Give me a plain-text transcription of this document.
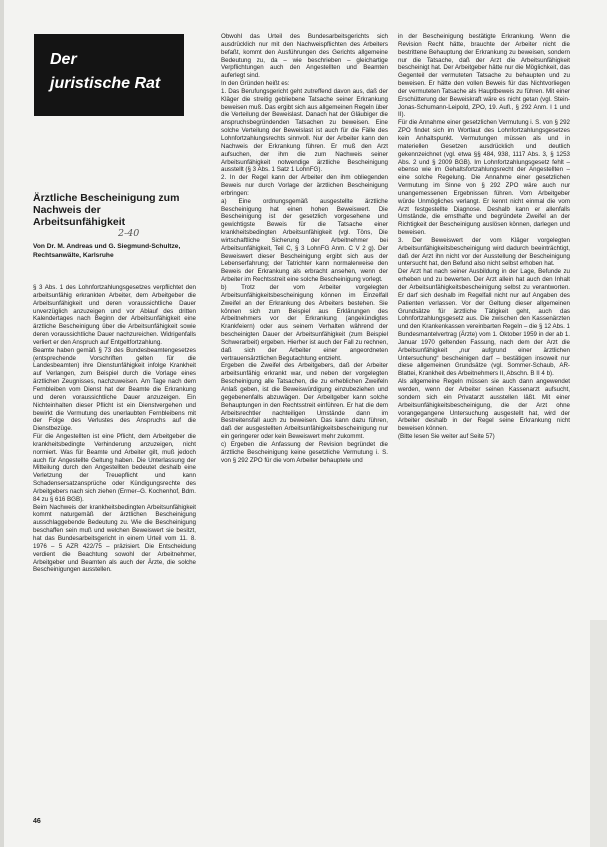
Der
juristische Rat
Ärztliche Bescheinigung zum Nachweis der Arbeitsunfähigkeit
2-40
Von Dr. M. Andreas und G. Siegmund-Schultze, Rechtsanwälte, Karlsruhe

§ 3 Abs. 1 des Lohnfortzahlungsgesetzes verpflichtet den arbeitsunfähig erkrankten Arbeiter, dem Arbeitgeber die Arbeitsunfähigkeit und deren voraussichtliche Dauer unverzüglich anzuzeigen und vor Ablauf des dritten Kalendertages nach Beginn der Arbeitsunfähigkeit eine ärztliche Bescheinigung über die Arbeitsunfähigkeit sowie deren voraussichtliche Dauer nachzureichen. Widrigenfalls verliert er den Anspruch auf Entgeltfortzahlung.

Beamte haben gemäß § 73 des Bundesbeamtengesetzes (entsprechende Vorschriften gelten für die Landesbeamten) ihre Dienstunfähigkeit infolge Krankheit auf Verlangen, zum Beispiel durch die Vorlage eines ärztlichen Zeugnisses, nachzuweisen. Am Tage nach dem Fernbleiben vom Dienst hat der Beamte die Erkrankung und deren voraussichtliche Dauer anzuzeigen. Ein Nichteinhalten dieser Pflicht ist ein Dienstvergehen und bewirkt die Vermutung des unerlaubten Fernbleibens mit der Folge des Verlustes des Anspruchs auf die Dienstbezüge.

Für die Angestellten ist eine Pflicht, dem Arbeitgeber die krankheitsbedingte Verhinderung anzuzeigen, nicht normiert. Was für Beamte und Arbeiter gilt, muß jedoch auch für Angestellte Geltung haben. Die Unterlassung der Mitteilung durch den Angestellten bedeutet deshalb eine Verletzung der Treuepflicht und kann Schadensersatzansprüche oder Kündigungsrechte des Arbeitgebers nach sich ziehen (Ermer–G. Kochenhof, Bdm. 84 zu § 616 BGB).

Beim Nachweis der krankheitsbedingten Arbeitsunfähigkeit kommt naturgemäß der ärztlichen Bescheinigung ausschlaggebende Bedeutung zu. Wie die Bescheinigung beschaffen sein muß und welchen Beweiswert sie besitzt, hat das Bundesarbeitsgericht in einem Urteil vom 11. 8. 1976 – 5 AZR 422/75 – präzisiert. Die Entscheidung verdient die Beachtung sowohl der Arbeitnehmer, Arbeitgeber und Beamten als auch der Ärzte, die solche Bescheinigungen ausstellen.

Obwohl das Urteil des Bundesarbeitsgerichts sich ausdrücklich nur mit den Nachweispflichten des Arbeiters befaßt, kommt den Ausführungen des Gerichts allgemeine Bedeutung zu, da – wie beschrieben – gleichartige Verpflichtungen auch den Angestellten und Beamten auferlegt sind.

In den Gründen heißt es:

1. Das Berufungsgericht geht zutreffend davon aus, daß der Kläger die streitig gebliebene Tatsache seiner Erkrankung beweisen muß. Das ergibt sich aus allgemeinen Regeln über die Verteilung der Beweislast. Danach hat der Gläubiger die anspruchsbegründenden Tatsachen zu beweisen. Eine solche Verteilung der Beweislast ist auch für die Fälle des Lohnfortzahlungsrechts sinnvoll. Nur der Arbeiter kann den Nachweis der Erkrankung führen. Er muß den Arzt aufsuchen, der ihm die zum Nachweis seiner Arbeitsunfähigkeit notwendige ärztliche Bescheinigung ausstellt (§ 3 Abs. 1 Satz 1 LohnFG).

2. In der Regel kann der Arbeiter den ihm obliegenden Beweis nur durch Vorlage der ärztlichen Bescheinigung erbringen:

a) Eine ordnungsgemäß ausgestellte ärztliche Bescheinigung hat einen hohen Beweiswert. Die Bescheinigung ist der gesetzlich vorgesehene und gewichtigste Beweis für die Tatsache einer krankheitsbedingten Arbeitsunfähigkeit (vgl. Töns, Die wirtschaftliche Sicherung der Arbeitnehmer bei Arbeitsunfähigkeit, Teil C, § 3 LohnFG Anm. C V 2 g). Der Beweiswert dieser Bescheinigung ergibt sich aus der Lebenserfahrung; der Tatrichter kann normalerweise den Beweis der Erkrankung als erbracht ansehen, wenn der Arbeiter im Rechtsstreit eine solche Bescheinigung vorlegt.

b) Trotz der vom Arbeiter vorgelegten Arbeitsunfähigkeitsbescheinigung können im Einzelfall Zweifel an der Erkrankung des Arbeiters bestehen. Sie können sich zum Beispiel aus Erklärungen des Arbeitnehmers vor der Erkrankung (angekündigtes Krankfeiern) oder aus seinem Verhalten während der bescheinigten Dauer der Arbeitsunfähigkeit (zum Beispiel Schwerarbeit) ergeben. Hierher ist auch der Fall zu rechnen, daß sich der Arbeiter einer angeordneten vertrauensärztlichen Begutachtung entzieht.

Ergeben die Zweifel des Arbeitgebers, daß der Arbeiter arbeitsunfähig erkrankt war, und neben der vorgelegten Bescheinigung alle Tatsachen, die zu erheblichen Zweifeln Anlaß geben, ist die Beweiswürdigung einzubeziehen und gegebenenfalls abzuwägen. Der Arbeitgeber kann solche Behauptungen in den Rechtsstreit einführen. Er hat die dem Arbeitsrechtler nachteiligen Umstände dann im Bestreitensfall auch zu beweisen. Das kann dazu führen, daß der ausgestellten Arbeitsunfähigkeitsbescheinigung nur ein geringerer oder kein Beweiswert mehr zukommt.

c) Ergeben die Anfassung der Revision begründet die ärztliche Bescheinigung keine gesetzliche Vermutung i. S. von § 292 ZPO für die vom Arbeiter behauptete und

in der Bescheinigung bestätigte Erkrankung. Wenn die Revision Recht hätte, brauchte der Arbeiter nicht die bestrittene Behauptung der Erkrankung zu beweisen, sondern nur die Tatsache, daß der Arzt die Arbeitsunfähigkeit bescheinigt hat. Der Arbeitgeber hätte nur die Möglichkeit, das Gegenteil der vermuteten Tatsache zu behaupten und zu beweisen. Er hätte den vollen Beweis für das Nichtvorliegen der vermuteten Tatsache als Hauptbeweis zu führen. Mit einer Erschütterung der Beweiskraft wäre es nicht getan (vgl. Stein-Jonas-Schumann-Leipold, ZPO, 19. Aufl., § 292 Anm. I 1 und II).

Für die Annahme einer gesetzlichen Vermutung i. S. von § 292 ZPO findet sich im Wortlaut des Lohnfortzahlungsgesetzes kein Anhaltspunkt. Vermutungen müssen als und in materiellen Gesetzen ausdrücklich und deutlich gekennzeichnet (vgl. etwa §§ 484, 938, 1117 Abs. 3, § 1253 Abs. 2 und § 2009 BGB). Im Lohnfortzahlungsgesetz fehlt – ebenso wie im Gehaltsfortzahlungsrecht der Angestellten – eine solche Regelung. Die Annahme einer gesetzlichen Vermutung im Sinne von § 292 ZPO wäre auch nur unangemessenen Ergebnissen führen. Vom Arbeitgeber würde Unmögliches verlangt. Er kennt nicht einmal die vom Arzt festgestellte Diagnose. Deshalb kann er allenfalls Umstände, die ernsthafte und begründete Zweifel an der Richtigkeit der Bescheinigung auslösen können, darlegen und beweisen.

3. Der Beweiswert der vom Kläger vorgelegten Arbeitsunfähigkeitsbescheinigung wird dadurch beeinträchtigt, daß der Arzt ihn nicht vor der Ausstellung der Bescheinigung untersucht hat, den Befund also nicht selbst erhoben hat.

Der Arzt hat nach seiner Ausbildung in der Lage, Befunde zu erheben und zu bewerten. Der Arzt allein hat auch den Inhalt der Arbeitsunfähigkeitsbescheinigung selbst zu verantworten. Er darf sich deshalb im Regelfall nicht nur auf Angaben des Patienten verlassen. Vor der Geltung dieser allgemeinen Grundsätze für ärztliche Tätigkeit geht, auch das Lohnfortzahlungsgesetz aus. Die zwischen den Kassenärzten und den Krankenkassen vereinbarten Regeln – die § 12 Abs. 1 Bundesmantelvertrag (Ärzte) vom 1. Oktober 1959 in der ab 1. Januar 1970 geltenden Fassung, nach dem der Arzt die Arbeitsunfähigkeit „nur aufgrund einer ärztlichen Untersuchung“ bescheinigen darf – bestätigen insoweit nur diese allgemeinen Grundsätze (vgl. Sommer-Schaub, AR-Blattei, Krankheit des Arbeitnehmers II, Abschn. B II 4 b).

Als allgemeine Regeln müssen sie auch dann angewendet werden, wenn der Arbeiter seinen Kassenarzt aufsucht, sondern sich ein Privatarzt ausstellen läßt. Mit einer Arbeitsunfähigkeitsbescheinigung, die der Arzt ohne vorangegangene Untersuchung ausgestellt hat, wird der Arbeiter deshalb in der Regel seine Erkrankung nicht beweisen können.

(Bitte lesen Sie weiter auf Seite 57)

46
